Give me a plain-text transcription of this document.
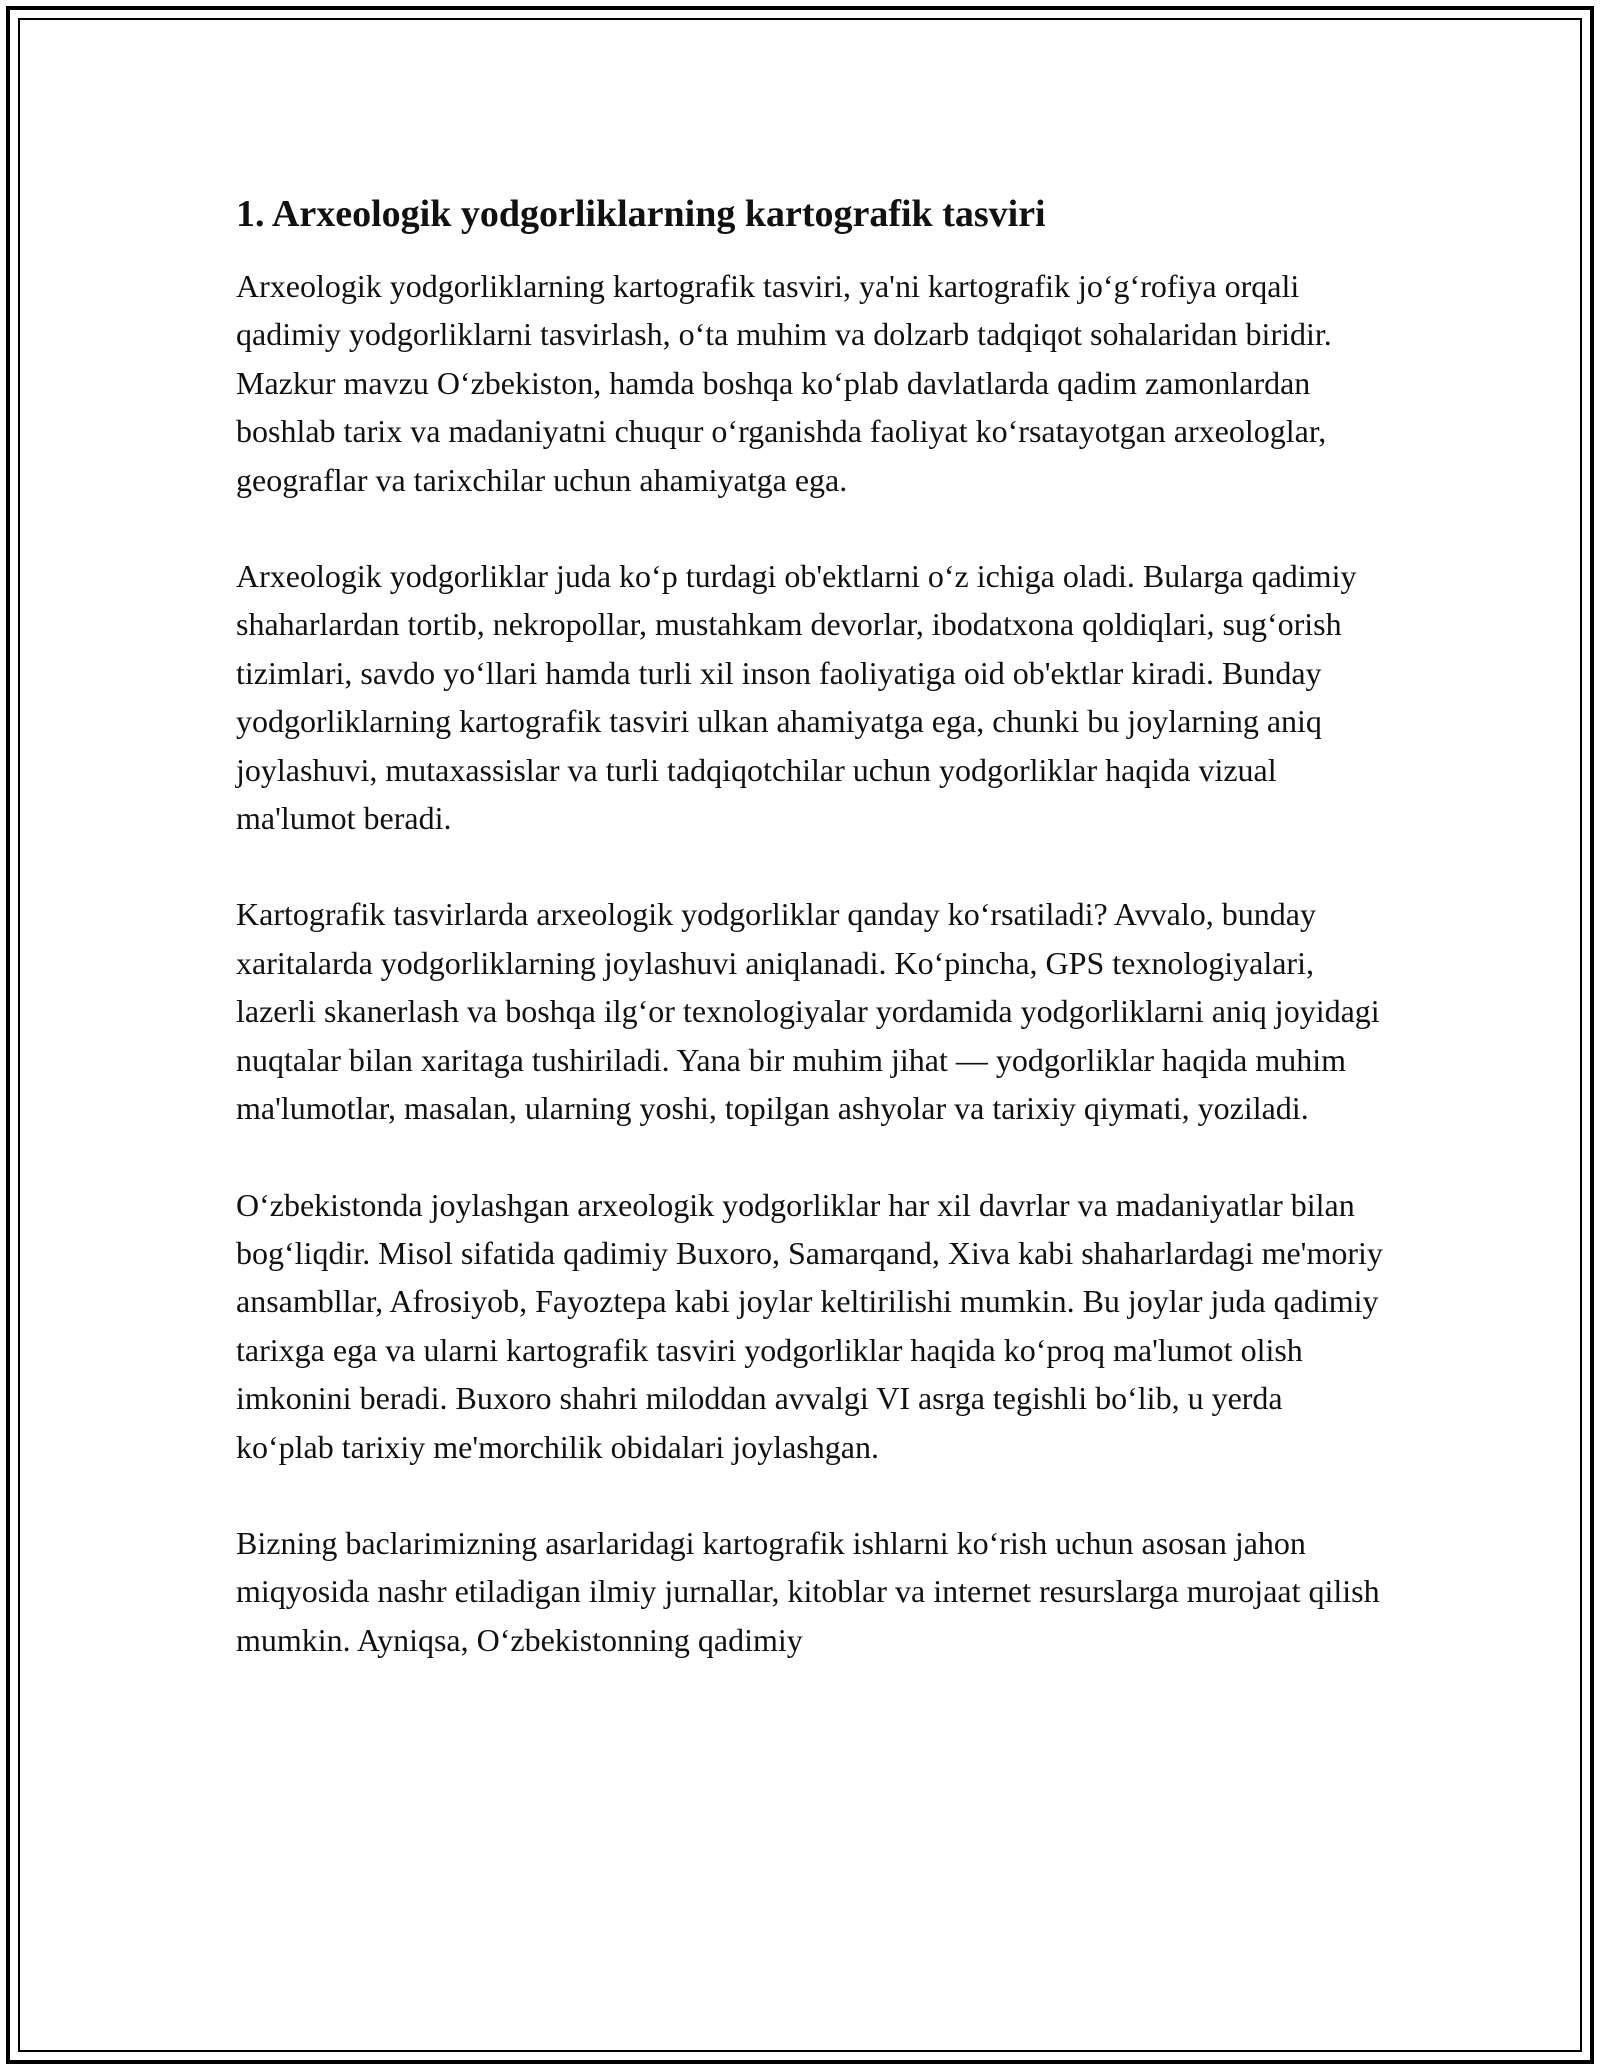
1. Arxeologik yodgorliklarning kartografik tasviri

Arxeologik yodgorliklarning kartografik tasviri, ya'ni kartografik jo‘g‘rofiya orqali qadimiy yodgorliklarni tasvirlash, o‘ta muhim va dolzarb tadqiqot sohalaridan biridir. Mazkur mavzu O‘zbekiston, hamda boshqa ko‘plab davlatlarda qadim zamonlardan boshlab tarix va madaniyatni chuqur o‘rganishda faoliyat ko‘rsatayotgan arxeologlar, geograflar va tarixchilar uchun ahamiyatga ega.

Arxeologik yodgorliklar juda ko‘p turdagi ob'ektlarni o‘z ichiga oladi. Bularga qadimiy shaharlardan tortib, nekropollar, mustahkam devorlar, ibodatxona qoldiqlari, sug‘orish tizimlari, savdo yo‘llari hamda turli xil inson faoliyatiga oid ob'ektlar kiradi. Bunday yodgorliklarning kartografik tasviri ulkan ahamiyatga ega, chunki bu joylarning aniq joylashuvi, mutaxassislar va turli tadqiqotchilar uchun yodgorliklar haqida vizual ma'lumot beradi.

Kartografik tasvirlarda arxeologik yodgorliklar qanday ko‘rsatiladi? Avvalo, bunday xaritalarda yodgorliklarning joylashuvi aniqlanadi. Ko‘pincha, GPS texnologiyalari, lazerli skanerlash va boshqa ilg‘or texnologiyalar yordamida yodgorliklarni aniq joyidagi nuqtalar bilan xaritaga tushiriladi. Yana bir muhim jihat — yodgorliklar haqida muhim ma'lumotlar, masalan, ularning yoshi, topilgan ashyolar va tarixiy qiymati, yoziladi.

O‘zbekistonda joylashgan arxeologik yodgorliklar har xil davrlar va madaniyatlar bilan bog‘liqdir. Misol sifatida qadimiy Buxoro, Samarqand, Xiva kabi shaharlardagi me'moriy ansambllar, Afrosiyob, Fayoztepa kabi joylar keltirilishi mumkin. Bu joylar juda qadimiy tarixga ega va ularni kartografik tasviri yodgorliklar haqida ko‘proq ma'lumot olish imkonini beradi. Buxoro shahri miloddan avvalgi VI asrga tegishli bo‘lib, u yerda ko‘plab tarixiy me'morchilik obidalari joylashgan.

Bizning baclarimizning asarlaridagi kartografik ishlarni ko‘rish uchun asosan jahon miqyosida nashr etiladigan ilmiy jurnallar, kitoblar va internet resurslarga murojaat qilish mumkin. Ayniqsa, O‘zbekistonning qadimiy
